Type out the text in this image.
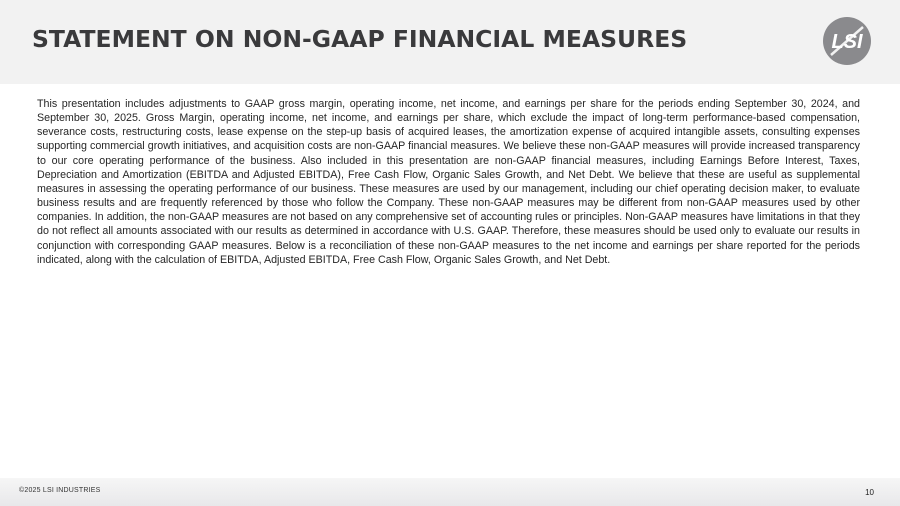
STATEMENT ON NON-GAAP FINANCIAL MEASURES	LSI

This presentation includes adjustments to GAAP gross margin, operating income, net income, and earnings per share for the periods ending September 30, 2024, and September 30, 2025. Gross Margin, operating income, net income, and earnings per share, which exclude the impact of long-term performance-based compensation, severance costs, restructuring costs, lease expense on the step-up basis of acquired leases, the amortization expense of acquired intangible assets, consulting expenses supporting commercial growth initiatives, and acquisition costs are non-GAAP financial measures. We believe these non-GAAP measures will provide increased transparency to our core operating performance of the business. Also included in this presentation are non-GAAP financial measures, including Earnings Before Interest, Taxes, Depreciation and Amortization (EBITDA and Adjusted EBITDA), Free Cash Flow, Organic Sales Growth, and Net Debt. We believe that these are useful as supplemental measures in assessing the operating performance of our business. These measures are used by our management, including our chief operating decision maker, to evaluate business results and are frequently referenced by those who follow the Company. These non-GAAP measures may be different from non-GAAP measures used by other companies. In addition, the non-GAAP measures are not based on any comprehensive set of accounting rules or principles. Non-GAAP measures have limitations in that they do not reflect all amounts associated with our results as determined in accordance with U.S. GAAP. Therefore, these measures should be used only to evaluate our results in conjunction with corresponding GAAP measures. Below is a reconciliation of these non-GAAP measures to the net income and earnings per share reported for the periods indicated, along with the calculation of EBITDA, Adjusted EBITDA, Free Cash Flow, Organic Sales Growth, and Net Debt.

©2025 LSI INDUSTRIES	10
